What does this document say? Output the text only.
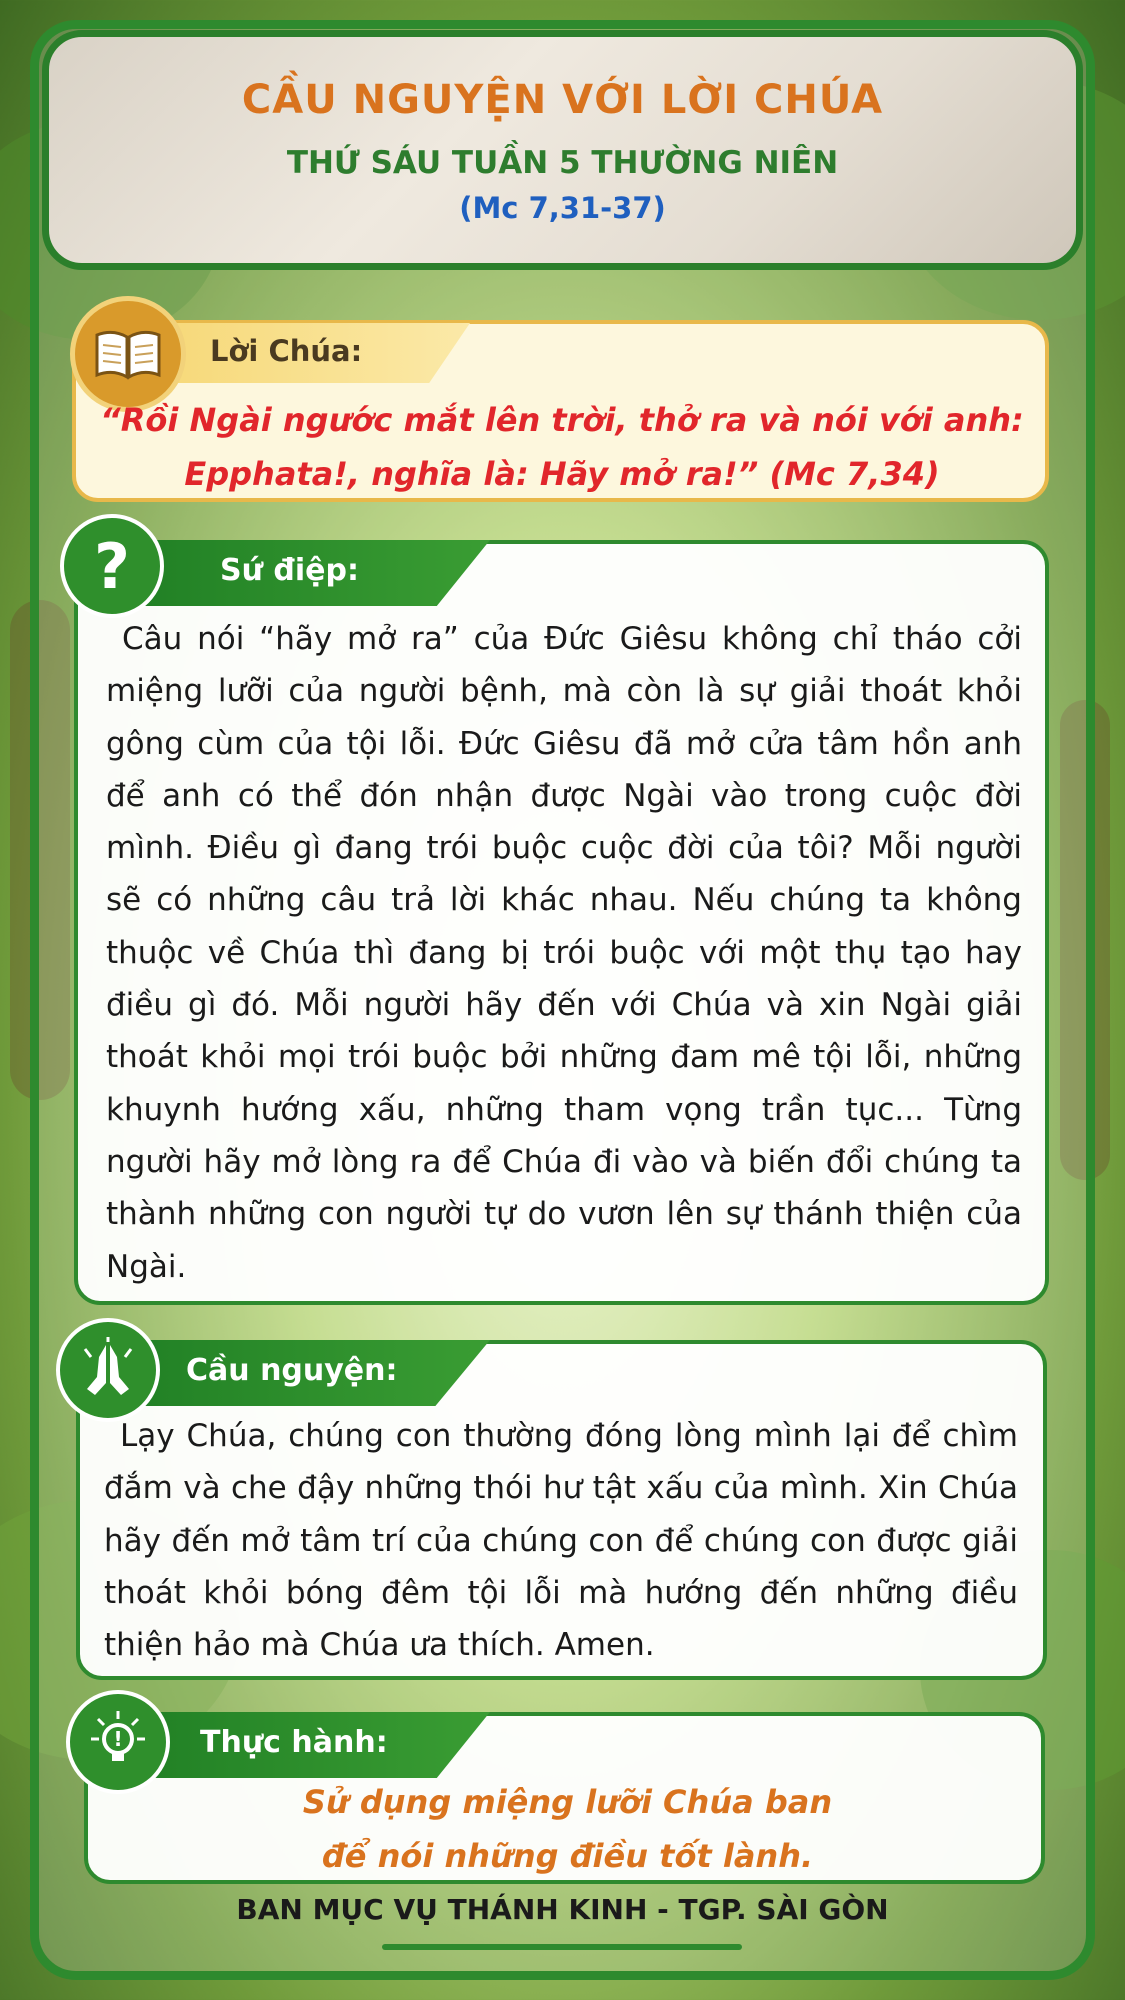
CẦU NGUYỆN VỚI LỜI CHÚA
THỨ SÁU TUẦN 5 THƯỜNG NIÊN
(Mc 7,31-37)
Lời Chúa:
“Rồi Ngài ngước mắt lên trời, thở ra và nói với anh:
Epphata!, nghĩa là: Hãy mở ra!” (Mc 7,34)
Sứ điệp:
?
Câu nói “hãy mở ra” của Đức Giêsu không chỉ tháo cởi miệng lưỡi của người bệnh, mà còn là sự giải thoát khỏi gông cùm của tội lỗi. Đức Giêsu đã mở cửa tâm hồn anh để anh có thể đón nhận được Ngài vào trong cuộc đời mình. Điều gì đang trói buộc cuộc đời của tôi? Mỗi người sẽ có những câu trả lời khác nhau. Nếu chúng ta không thuộc về Chúa thì đang bị trói buộc với một thụ tạo hay điều gì đó. Mỗi người hãy đến với Chúa và xin Ngài giải thoát khỏi mọi trói buộc bởi những đam mê tội lỗi, những khuynh hướng xấu, những tham vọng trần tục... Từng người hãy mở lòng ra để Chúa đi vào và biến đổi chúng ta thành những con người tự do vươn lên sự thánh thiện của Ngài.
Cầu nguyện:
Lạy Chúa, chúng con thường đóng lòng mình lại để chìm đắm và che đậy những thói hư tật xấu của mình. Xin Chúa hãy đến mở tâm trí của chúng con để chúng con được giải thoát khỏi bóng đêm tội lỗi mà hướng đến những điều thiện hảo mà Chúa ưa thích. Amen.
Thực hành:
!
Sử dụng miệng lưỡi Chúa ban
để nói những điều tốt lành.
BAN MỤC VỤ THÁNH KINH - TGP. SÀI GÒN
